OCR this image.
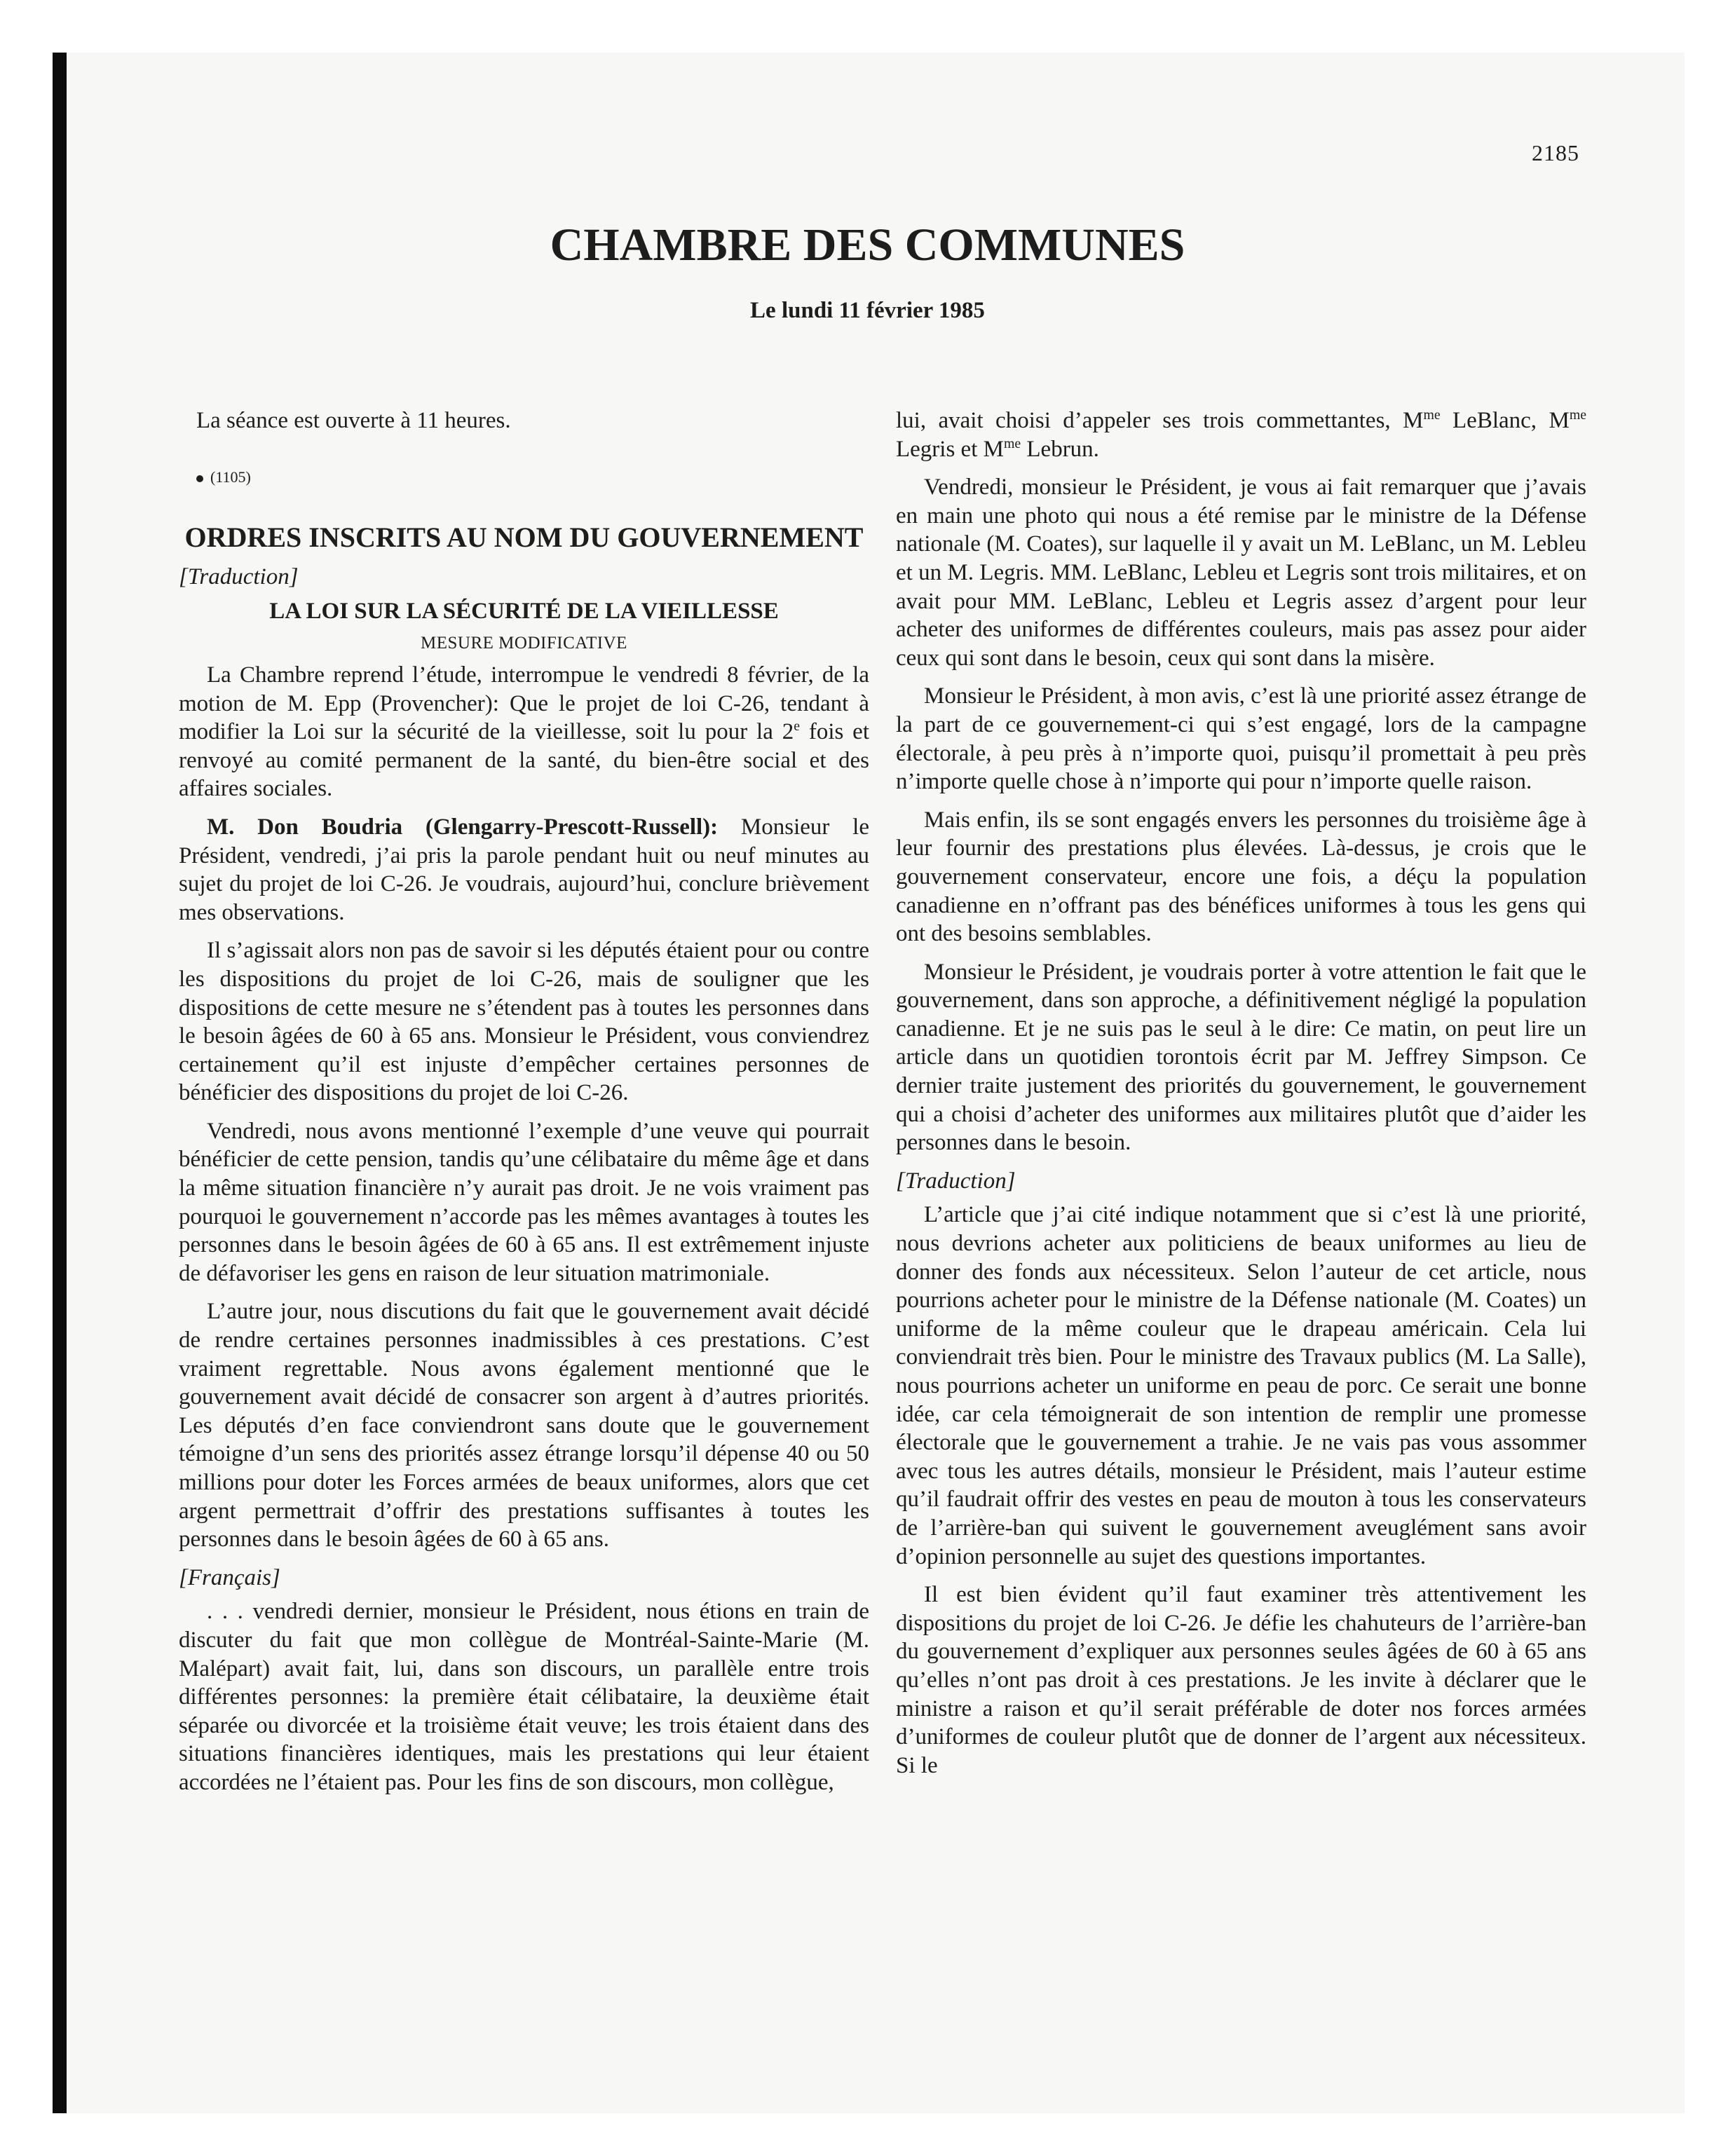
2185
CHAMBRE DES COMMUNES
Le lundi 11 février 1985

La séance est ouverte à 11 heures.

(1105)
ORDRES INSCRITS AU NOM DU GOUVERNEMENT
[Traduction]
LA LOI SUR LA SÉCURITÉ DE LA VIEILLESSE
MESURE MODIFICATIVE

La Chambre reprend l’étude, interrompue le vendredi 8 février, de la motion de M. Epp (Provencher): Que le projet de loi C-26, tendant à modifier la Loi sur la sécurité de la vieillesse, soit lu pour la 2e fois et renvoyé au comité permanent de la santé, du bien-être social et des affaires sociales.

M. Don Boudria (Glengarry-Prescott-Russell): Monsieur le Président, vendredi, j’ai pris la parole pendant huit ou neuf minutes au sujet du projet de loi C-26. Je voudrais, aujourd’hui, conclure brièvement mes observations.

Il s’agissait alors non pas de savoir si les députés étaient pour ou contre les dispositions du projet de loi C-26, mais de souligner que les dispositions de cette mesure ne s’étendent pas à toutes les personnes dans le besoin âgées de 60 à 65 ans. Monsieur le Président, vous conviendrez certainement qu’il est injuste d’empêcher certaines personnes de bénéficier des dispositions du projet de loi C-26.

Vendredi, nous avons mentionné l’exemple d’une veuve qui pourrait bénéficier de cette pension, tandis qu’une célibataire du même âge et dans la même situation financière n’y aurait pas droit. Je ne vois vraiment pas pourquoi le gouvernement n’accorde pas les mêmes avantages à toutes les personnes dans le besoin âgées de 60 à 65 ans. Il est extrêmement injuste de défavoriser les gens en raison de leur situation matrimoniale.

L’autre jour, nous discutions du fait que le gouvernement avait décidé de rendre certaines personnes inadmissibles à ces prestations. C’est vraiment regrettable. Nous avons également mentionné que le gouvernement avait décidé de consacrer son argent à d’autres priorités. Les députés d’en face conviendront sans doute que le gouvernement témoigne d’un sens des priorités assez étrange lorsqu’il dépense 40 ou 50 millions pour doter les Forces armées de beaux uniformes, alors que cet argent permettrait d’offrir des prestations suffisantes à toutes les personnes dans le besoin âgées de 60 à 65 ans.

[Français]

. . . vendredi dernier, monsieur le Président, nous étions en train de discuter du fait que mon collègue de Montréal-Sainte-Marie (M. Malépart) avait fait, lui, dans son discours, un parallèle entre trois différentes personnes: la première était célibataire, la deuxième était séparée ou divorcée et la troisième était veuve; les trois étaient dans des situations financières identiques, mais les prestations qui leur étaient accordées ne l’étaient pas. Pour les fins de son discours, mon collègue,

lui, avait choisi d’appeler ses trois commettantes, $M^{me}$ LeBlanc, $M^{me}$ Legris et $M^{me}$ Lebrun.

Vendredi, monsieur le Président, je vous ai fait remarquer que j’avais en main une photo qui nous a été remise par le ministre de la Défense nationale (M. Coates), sur laquelle il y avait un M. LeBlanc, un M. Lebleu et un M. Legris. MM. LeBlanc, Lebleu et Legris sont trois militaires, et on avait pour MM. LeBlanc, Lebleu et Legris assez d’argent pour leur acheter des uniformes de différentes couleurs, mais pas assez pour aider ceux qui sont dans le besoin, ceux qui sont dans la misère.

Monsieur le Président, à mon avis, c’est là une priorité assez étrange de la part de ce gouvernement-ci qui s’est engagé, lors de la campagne électorale, à peu près à n’importe quoi, puisqu’il promettait à peu près n’importe quelle chose à n’importe qui pour n’importe quelle raison.

Mais enfin, ils se sont engagés envers les personnes du troisième âge à leur fournir des prestations plus élevées. Là-dessus, je crois que le gouvernement conservateur, encore une fois, a déçu la population canadienne en n’offrant pas des bénéfices uniformes à tous les gens qui ont des besoins semblables.

Monsieur le Président, je voudrais porter à votre attention le fait que le gouvernement, dans son approche, a définitivement négligé la population canadienne. Et je ne suis pas le seul à le dire: Ce matin, on peut lire un article dans un quotidien torontois écrit par M. Jeffrey Simpson. Ce dernier traite justement des priorités du gouvernement, le gouvernement qui a choisi d’acheter des uniformes aux militaires plutôt que d’aider les personnes dans le besoin.

[Traduction]

L’article que j’ai cité indique notamment que si c’est là une priorité, nous devrions acheter aux politiciens de beaux uniformes au lieu de donner des fonds aux nécessiteux. Selon l’auteur de cet article, nous pourrions acheter pour le ministre de la Défense nationale (M. Coates) un uniforme de la même couleur que le drapeau américain. Cela lui conviendrait très bien. Pour le ministre des Travaux publics (M. La Salle), nous pourrions acheter un uniforme en peau de porc. Ce serait une bonne idée, car cela témoignerait de son intention de remplir une promesse électorale que le gouvernement a trahie. Je ne vais pas vous assommer avec tous les autres détails, monsieur le Président, mais l’auteur estime qu’il faudrait offrir des vestes en peau de mouton à tous les conservateurs de l’arrière-ban qui suivent le gouvernement aveuglément sans avoir d’opinion personnelle au sujet des questions importantes.

Il est bien évident qu’il faut examiner très attentivement les dispositions du projet de loi C-26. Je défie les chahuteurs de l’arrière-ban du gouvernement d’expliquer aux personnes seules âgées de 60 à 65 ans qu’elles n’ont pas droit à ces prestations. Je les invite à déclarer que le ministre a raison et qu’il serait préférable de doter nos forces armées d’uniformes de couleur plutôt que de donner de l’argent aux nécessiteux. Si le
